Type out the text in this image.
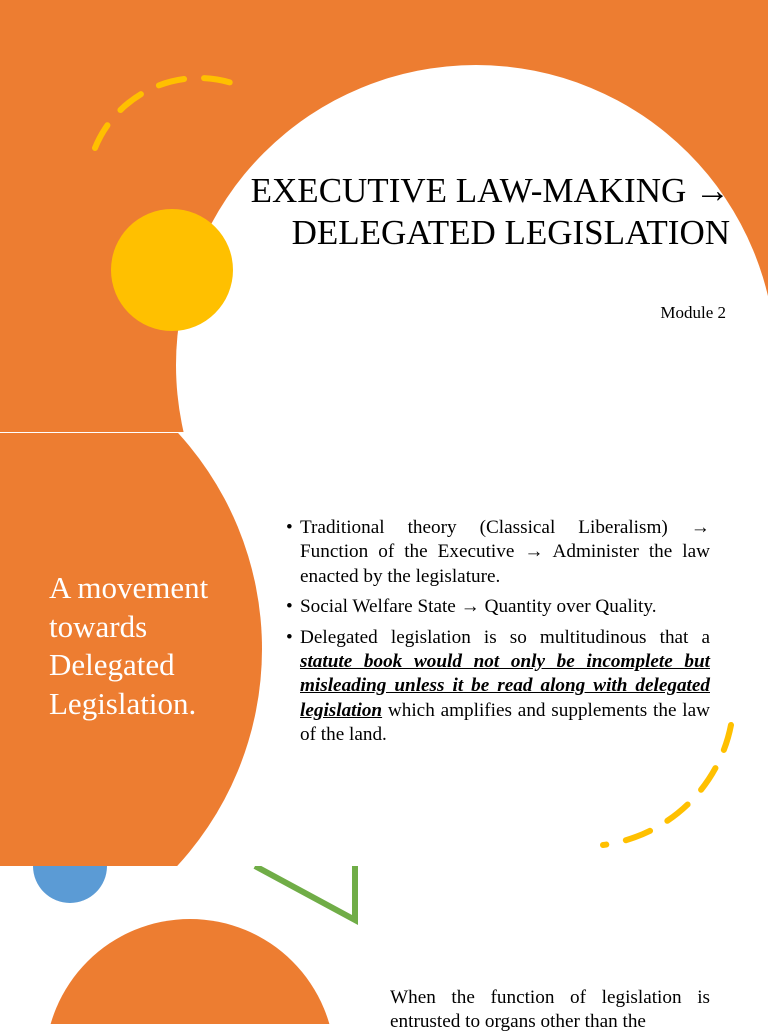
EXECUTIVE LAW-MAKING → DELEGATED LEGISLATION
Module 2
A movement towards Delegated Legislation.
• Traditional theory (Classical Liberalism) → Function of the Executive → Administer the law enacted by the legislature.
• Social Welfare State → Quantity over Quality.
• Delegated legislation is so multitudinous that a statute book would not only be incomplete but misleading unless it be read along with delegated legislation which amplifies and supplements the law of the land.
When the function of legislation is entrusted to organs other than the
